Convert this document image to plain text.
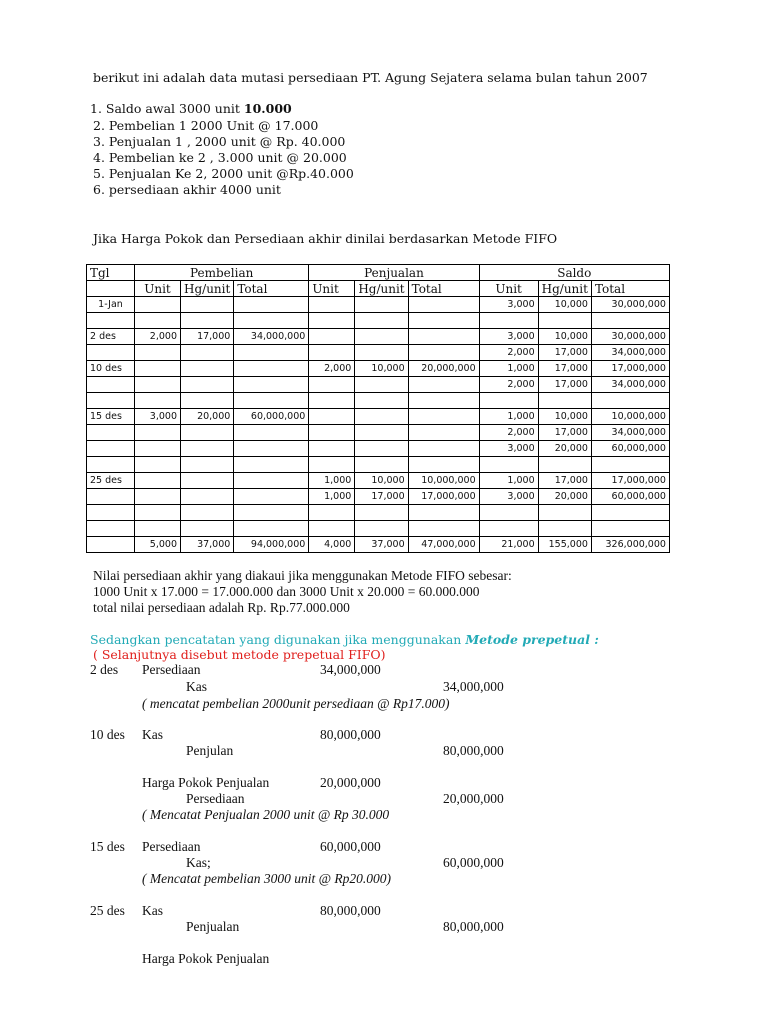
berikut ini adalah data mutasi persediaan PT. Agung Sejatera selama bulan tahun 2007
1. Saldo awal 3000 unit 10.000
2. Pembelian 1 2000 Unit @ 17.000
3. Penjualan 1 , 2000 unit @ Rp. 40.000
4. Pembelian ke 2 , 3.000 unit @ 20.000
5. Penjualan Ke 2, 2000 unit @Rp.40.000
6. persediaan akhir 4000 unit
Jika Harga Pokok dan Persediaan akhir dinilai berdasarkan Metode FIFO
Tgl	Pembelian			Penjualan			Saldo		
	Unit	Hg/unit	Total	Unit	Hg/unit	Total	Unit	Hg/unit	Total
1-Jan							3,000	10,000	30,000,000

2 des	2,000	17,000	34,000,000				3,000	10,000	30,000,000
							2,000	17,000	34,000,000
10 des				2,000	10,000	20,000,000	1,000	17,000	17,000,000
							2,000	17,000	34,000,000

15 des	3,000	20,000	60,000,000				1,000	10,000	10,000,000
							2,000	17,000	34,000,000
							3,000	20,000	60,000,000

25 des				1,000	10,000	10,000,000	1,000	17,000	17,000,000
				1,000	17,000	17,000,000	3,000	20,000	60,000,000

	5,000	37,000	94,000,000	4,000	37,000	47,000,000	21,000	155,000	326,000,000
Nilai persediaan akhir yang diakaui jika menggunakan Metode FIFO sebesar:
1000 Unit x 17.000 = 17.000.000 dan 3000 Unit x 20.000 = 60.000.000
total nilai persediaan adalah Rp. Rp.77.000.000
Sedangkan pencatatan yang digunakan jika menggunakan Metode prepetual :
( Selanjutnya disebut metode prepetual FIFO)
2 des Persediaan	34,000,000
Kas	34,000,000
( mencatat pembelian 2000unit persediaan @ Rp17.000)
10 des Kas	80,000,000
Penjulan	80,000,000
Harga Pokok Penjualan	20,000,000
Persediaan	20,000,000
( Mencatat Penjualan 2000 unit @ Rp 30.000
15 des Persediaan	60,000,000
Kas;	60,000,000
( Mencatat pembelian 3000 unit @ Rp20.000)
25 des Kas	80,000,000
Penjualan	80,000,000
Harga Pokok Penjualan
